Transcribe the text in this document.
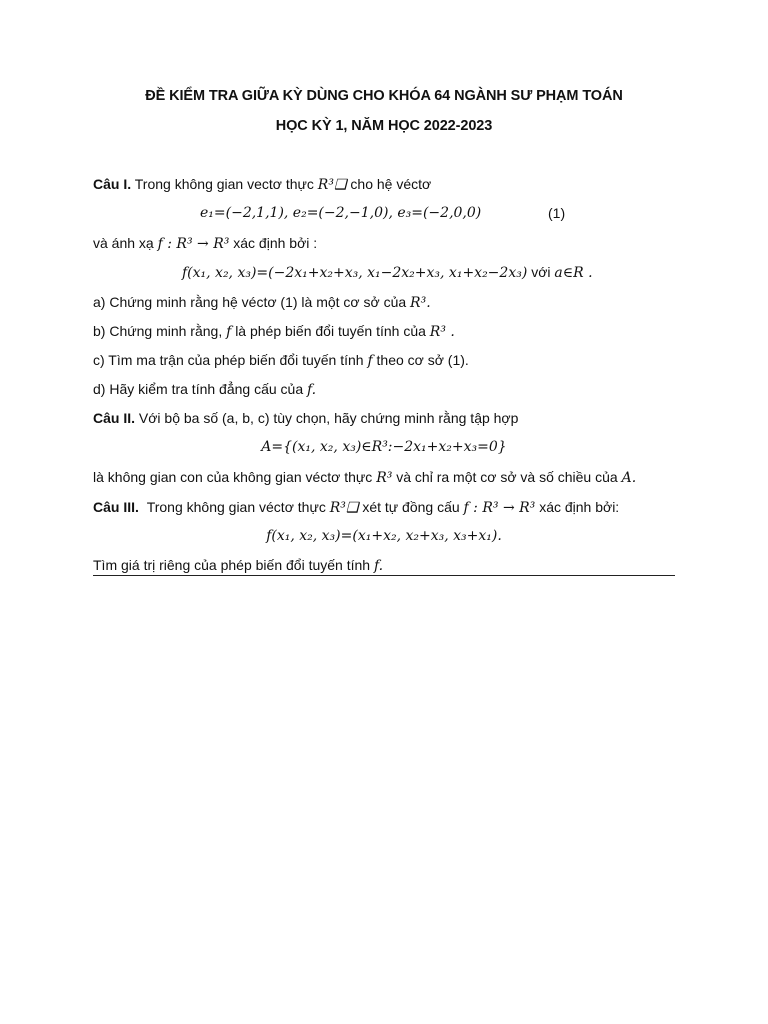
ĐỀ KIỂM TRA GIỮA KỲ DÙNG CHO KHÓA 64 NGÀNH SƯ PHẠM TOÁN
HỌC KỲ 1, NĂM HỌC 2022-2023
Câu I. Trong không gian vectơ thực R³❑ cho hệ véctơ
e₁=(−2,1,1), e₂=(−2,−1,0), e₃=(−2,0,0)	(1)
và ánh xạ f : R³ → R³ xác định bởi :
f(x₁, x₂, x₃)=(−2x₁+x₂+x₃, x₁−2x₂+x₃, x₁+x₂−2x₃) với a∈R .
a) Chứng minh rằng hệ véctơ (1) là một cơ sở của R³.
b) Chứng minh rằng, f là phép biến đổi tuyến tính của R³ .
c) Tìm ma trận của phép biến đổi tuyến tính f theo cơ sở (1).
d) Hãy kiểm tra tính đẳng cấu của f.
Câu II. Với bộ ba số (a, b, c) tùy chọn, hãy chứng minh rằng tập hợp
A={(x₁, x₂, x₃)∈R³:−2x₁+x₂+x₃=0}
là không gian con của không gian véctơ thực R³ và chỉ ra một cơ sở và số chiều của A.
Câu III. Trong không gian véctơ thực R³❑ xét tự đồng cấu f : R³ → R³ xác định bởi:
f(x₁, x₂, x₃)=(x₁+x₂, x₂+x₃, x₃+x₁).
Tìm giá trị riêng của phép biến đổi tuyến tính f.
